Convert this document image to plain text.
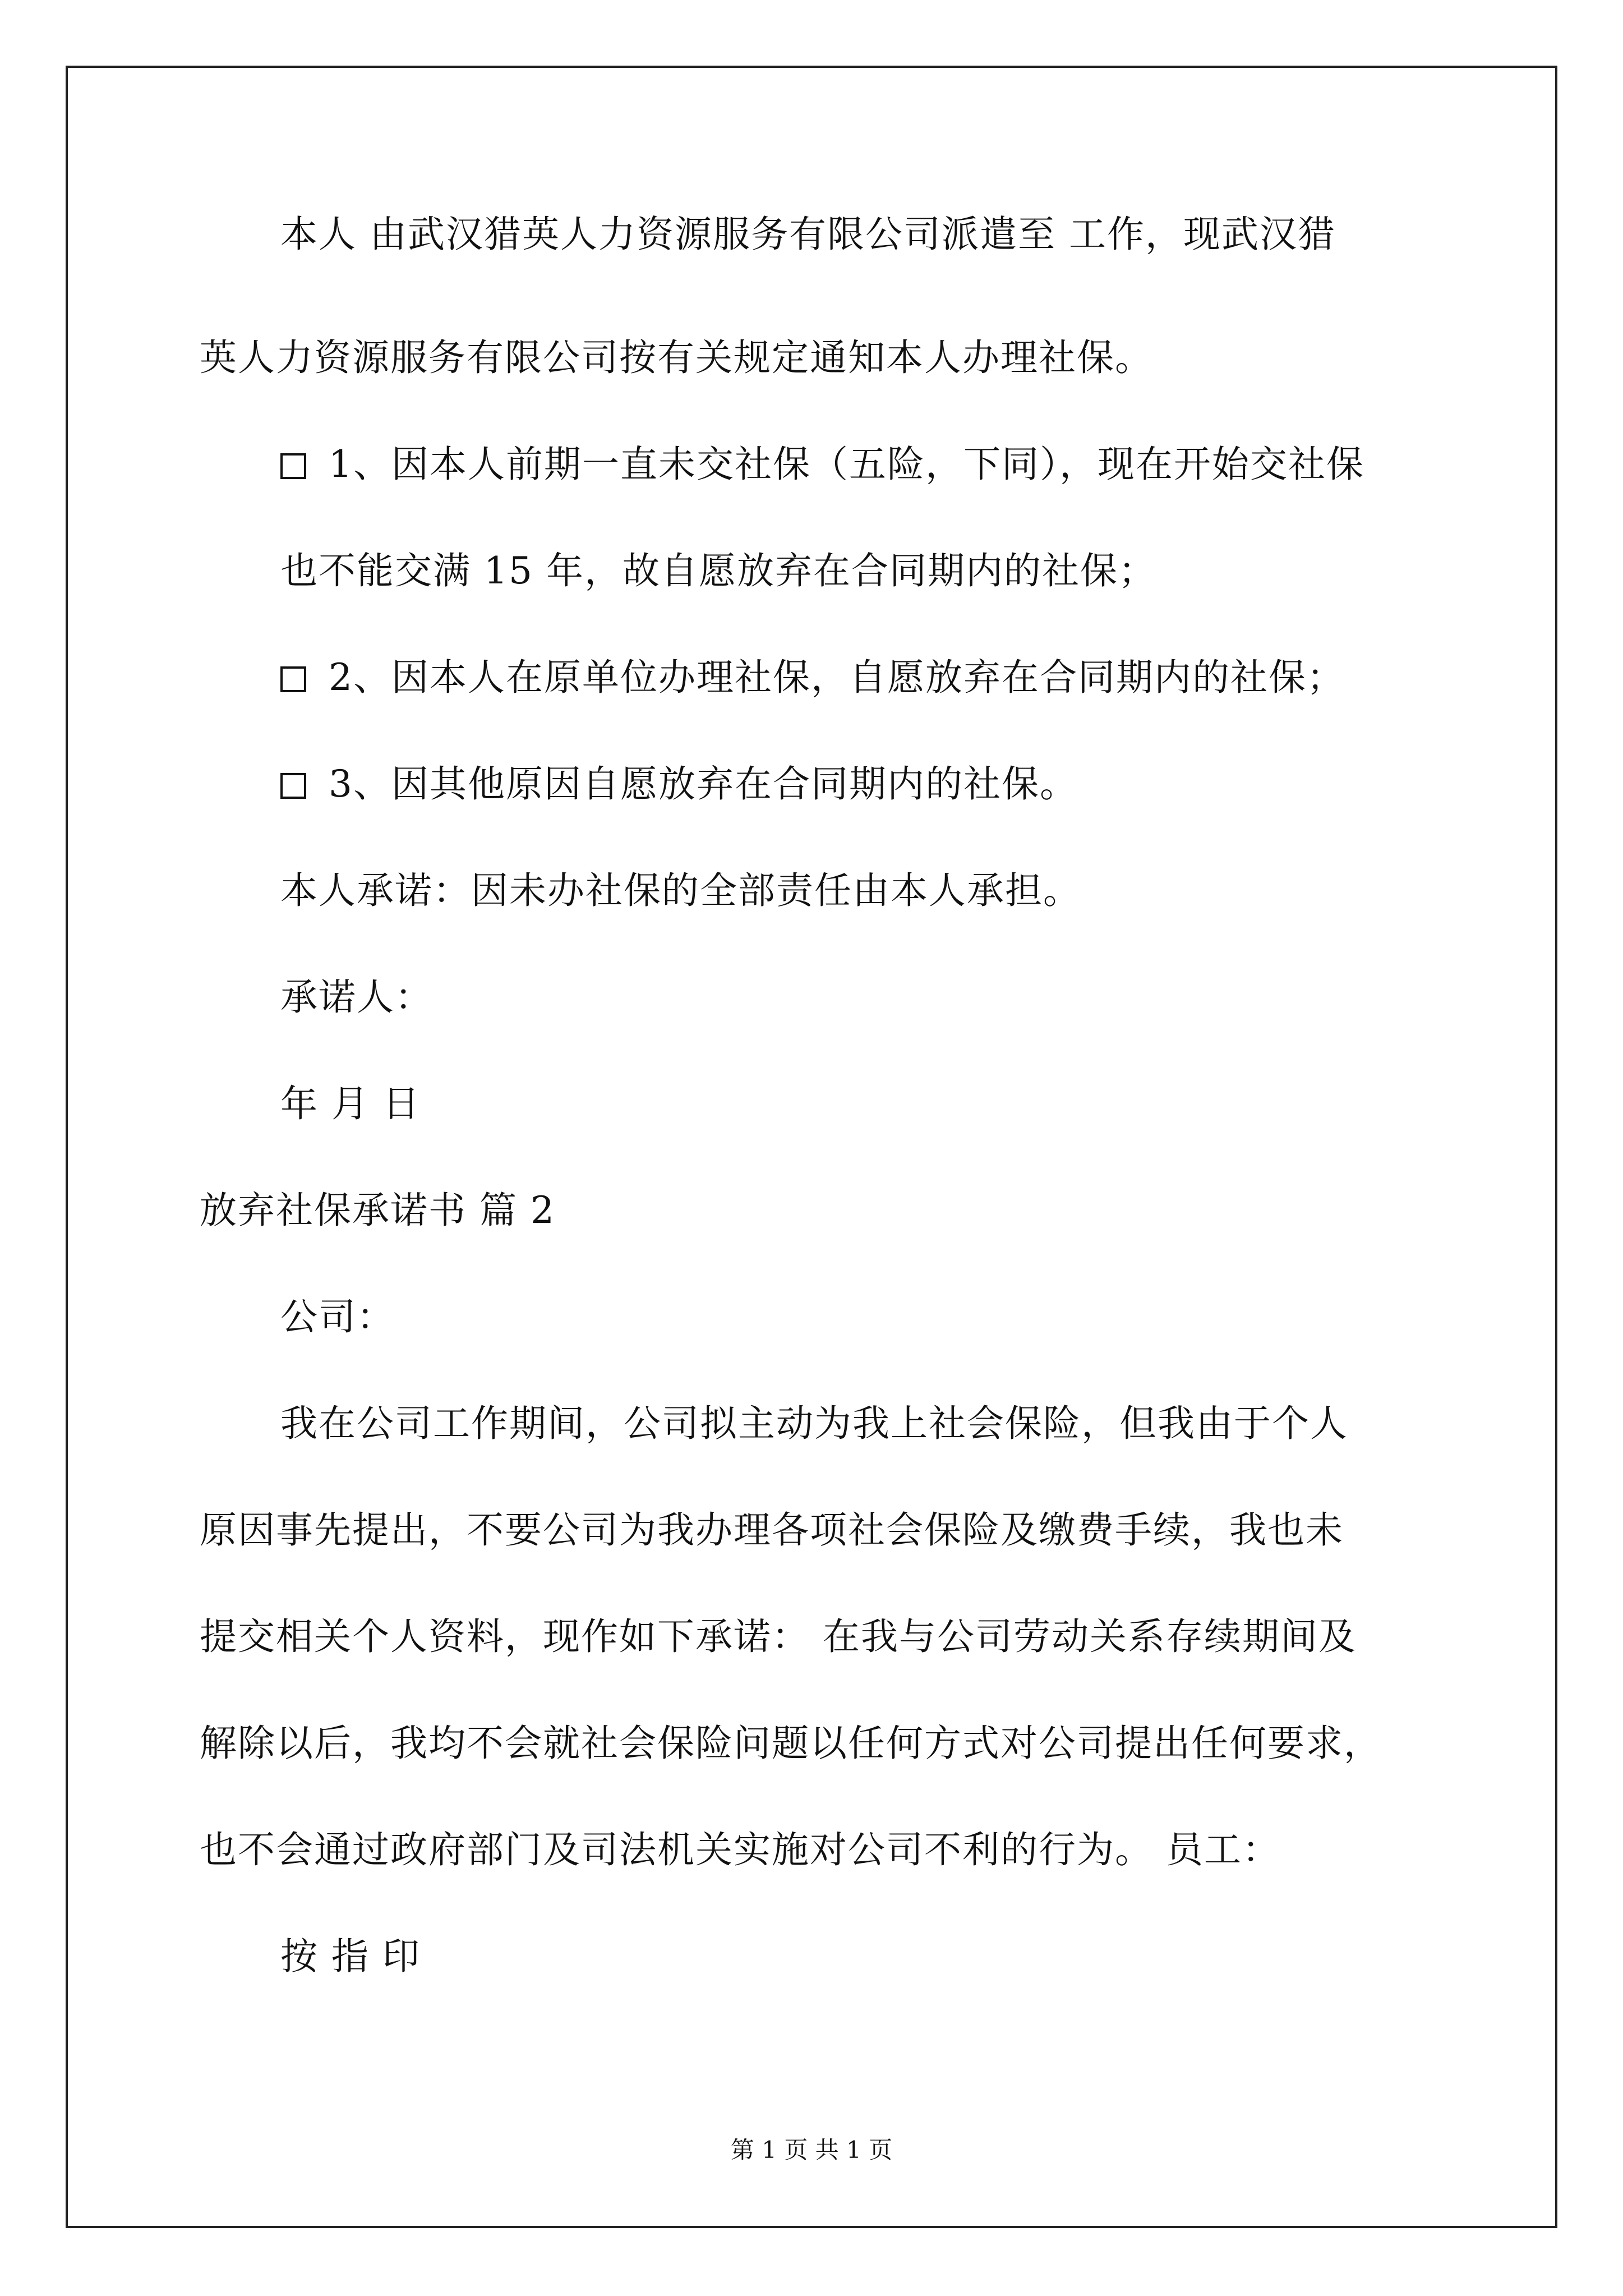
本人 由武汉猎英人力资源服务有限公司派遣至 工作，现武汉猎
英人力资源服务有限公司按有关规定通知本人办理社保。
1、因本人前期一直未交社保（五险，下同），现在开始交社保
也不能交满 15 年，故自愿放弃在合同期内的社保；
2、因本人在原单位办理社保，自愿放弃在合同期内的社保；
3、因其他原因自愿放弃在合同期内的社保。
本人承诺：因未办社保的全部责任由本人承担。
承诺人：
年 月 日
放弃社保承诺书 篇 2
公司：
我在公司工作期间，公司拟主动为我上社会保险，但我由于个人
原因事先提出，不要公司为我办理各项社会保险及缴费手续，我也未
提交相关个人资料，现作如下承诺： 在我与公司劳动关系存续期间及
解除以后，我均不会就社会保险问题以任何方式对公司提出任何要求，
也不会通过政府部门及司法机关实施对公司不利的行为。 员工：
按 指 印
第 1 页 共 1 页
